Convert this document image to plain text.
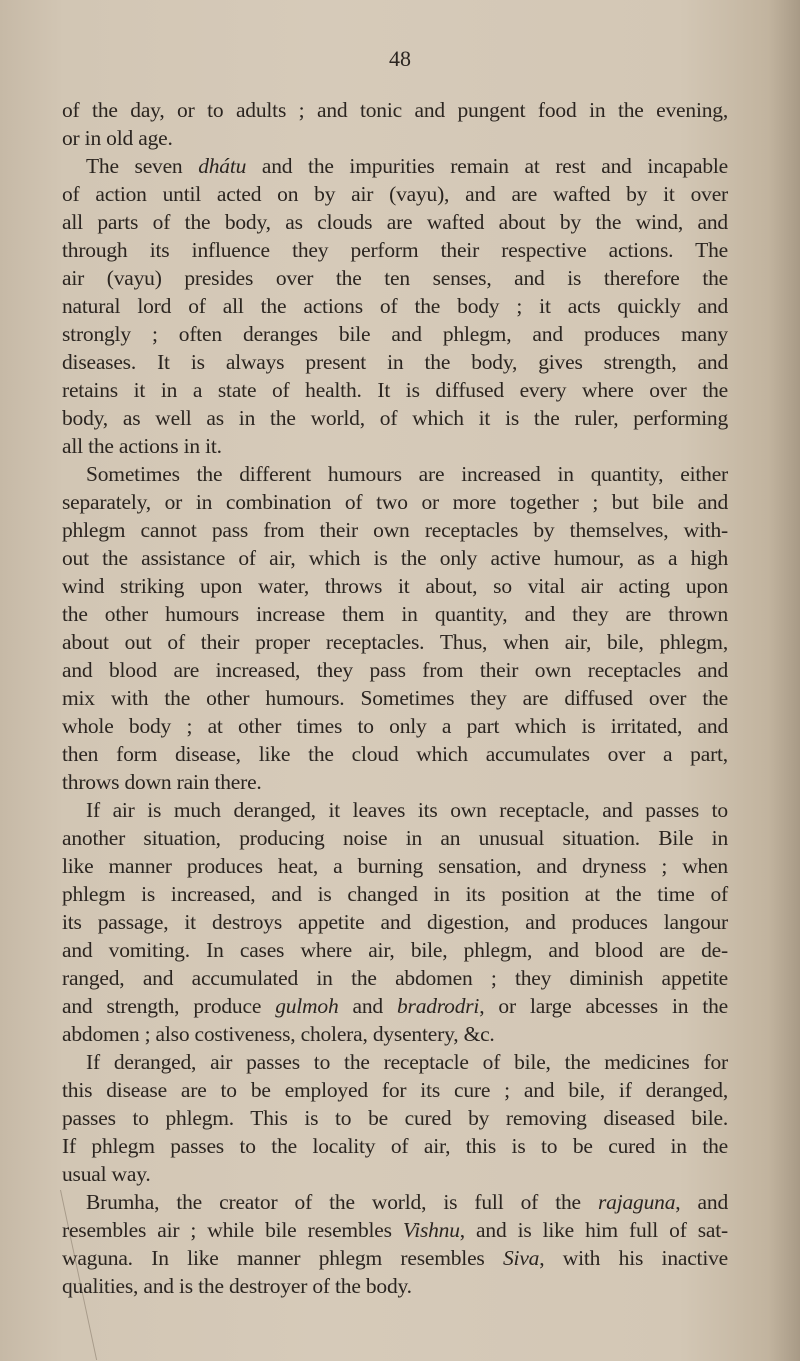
48
of the day, or to adults ; and tonic and pungent food in the evening,
or in old age.
The seven dhátu and the impurities remain at rest and incapable
of action until acted on by air (vayu), and are wafted by it over
all parts of the body, as clouds are wafted about by the wind, and
through its influence they perform their respective actions. The
air (vayu) presides over the ten senses, and is therefore the
natural lord of all the actions of the body ; it acts quickly and
strongly ; often deranges bile and phlegm, and produces many
diseases. It is always present in the body, gives strength, and
retains it in a state of health. It is diffused every where over the
body, as well as in the world, of which it is the ruler, performing
all the actions in it.
Sometimes the different humours are increased in quantity, either
separately, or in combination of two or more together ; but bile and
phlegm cannot pass from their own receptacles by themselves, with-
out the assistance of air, which is the only active humour, as a high
wind striking upon water, throws it about, so vital air acting upon
the other humours increase them in quantity, and they are thrown
about out of their proper receptacles. Thus, when air, bile, phlegm,
and blood are increased, they pass from their own receptacles and
mix with the other humours. Sometimes they are diffused over the
whole body ; at other times to only a part which is irritated, and
then form disease, like the cloud which accumulates over a part,
throws down rain there.
If air is much deranged, it leaves its own receptacle, and passes to
another situation, producing noise in an unusual situation. Bile in
like manner produces heat, a burning sensation, and dryness ; when
phlegm is increased, and is changed in its position at the time of
its passage, it destroys appetite and digestion, and produces langour
and vomiting. In cases where air, bile, phlegm, and blood are de-
ranged, and accumulated in the abdomen ; they diminish appetite
and strength, produce gulmoh and bradrodri, or large abcesses in the
abdomen ; also costiveness, cholera, dysentery, &c.
If deranged, air passes to the receptacle of bile, the medicines for
this disease are to be employed for its cure ; and bile, if deranged,
passes to phlegm. This is to be cured by removing diseased bile.
If phlegm passes to the locality of air, this is to be cured in the
usual way.
Brumha, the creator of the world, is full of the rajaguna, and
resembles air ; while bile resembles Vishnu, and is like him full of sat-
waguna. In like manner phlegm resembles Siva, with his inactive
qualities, and is the destroyer of the body.
